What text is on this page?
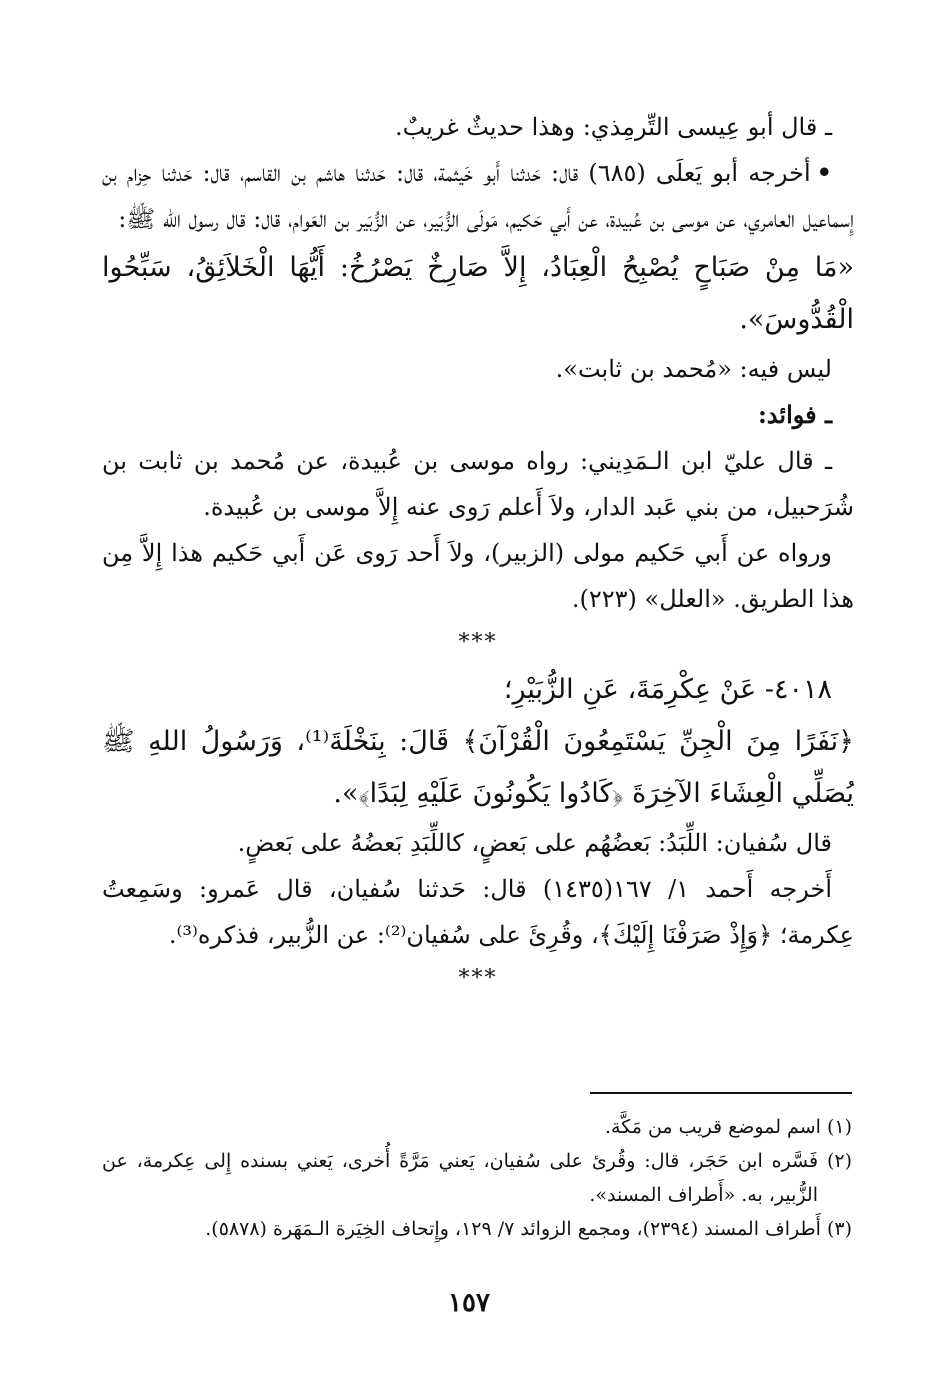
ـ قال أبو عِيسى التِّرمِذي: وهذا حديثٌ غريبٌ.

•أخرجه أبو يَعلَى (٦٨٥) قال: حَدثنا أَبو خَيثمة، قال: حَدثنا هاشم بن القاسم، قال: حَدثنا حِزام بن إِسماعيل العامري، عن موسى بن عُبيدة، عن أَبي حَكيم، مَولَى الزُّبَير، عن الزُّبَير بن العَوام، قال: قال رسول الله ﷺ:

«مَا مِنْ صَبَاحٍ يُصْبِحُ الْعِبَادُ، إِلاَّ صَارِخٌ يَصْرُخُ: أَيُّهَا الْخَلاَئِقُ، سَبِّحُوا الْقُدُّوسَ».

ليس فيه: «مُحمد بن ثابت».

ـ فوائد:

ـ قال عليّ ابن الـمَدِيني: رواه موسى بن عُبيدة، عن مُحمد بن ثابت بن شُرَحبيل، من بني عَبد الدار، ولاَ أَعلم رَوى عنه إِلاَّ موسى بن عُبيدة.

ورواه عن أَبي حَكيم مولى (الزبير)، ولاَ أَحد رَوى عَن أَبي حَكيم هذا إِلاَّ مِن هذا الطريق. «العلل» (٢٢٣).

***

٤٠١٨- عَنْ عِكْرِمَةَ، عَنِ الزُّبَيْرِ؛

﴿نَفَرًا مِنَ الْجِنِّ يَسْتَمِعُونَ الْقُرْآنَ﴾ قَالَ: بِنَخْلَةَ⁽¹⁾، وَرَسُولُ اللهِ ﷺ يُصَلِّي الْعِشَاءَ الآخِرَةَ ﴿كَادُوا يَكُونُونَ عَلَيْهِ لِبَدًا﴾».

قال سُفيان: اللِّبَدُ: بَعضُهُم على بَعضٍ، كاللِّبَدِ بَعضُهُ على بَعضٍ.

أَخرجه أَحمد ١/ ١٦٧(١٤٣٥) قال: حَدثنا سُفيان، قال عَمرو: وسَمِعتُ عِكرمة؛ ﴿وَإِذْ صَرَفْنَا إِلَيْكَ﴾، وقُرِئَ على سُفيان⁽²⁾: عن الزُّبير، فذكره⁽³⁾.

***

(١) اسم لموضع قريب من مَكَّة.

(٢) فَسَّره ابن حَجَر، قال: وقُرئ على سُفيان، يَعني مَرَّةً أُخرى، يَعني بسنده إِلى عِكرمة، عن الزُّبير، به. «أَطراف المسند».

(٣) أَطراف المسند (٢٣٩٤)، ومجمع الزوائد ٧/ ١٢٩، وإِتحاف الخِيَرة الـمَهَرة (٥٨٧٨).

١٥٧
